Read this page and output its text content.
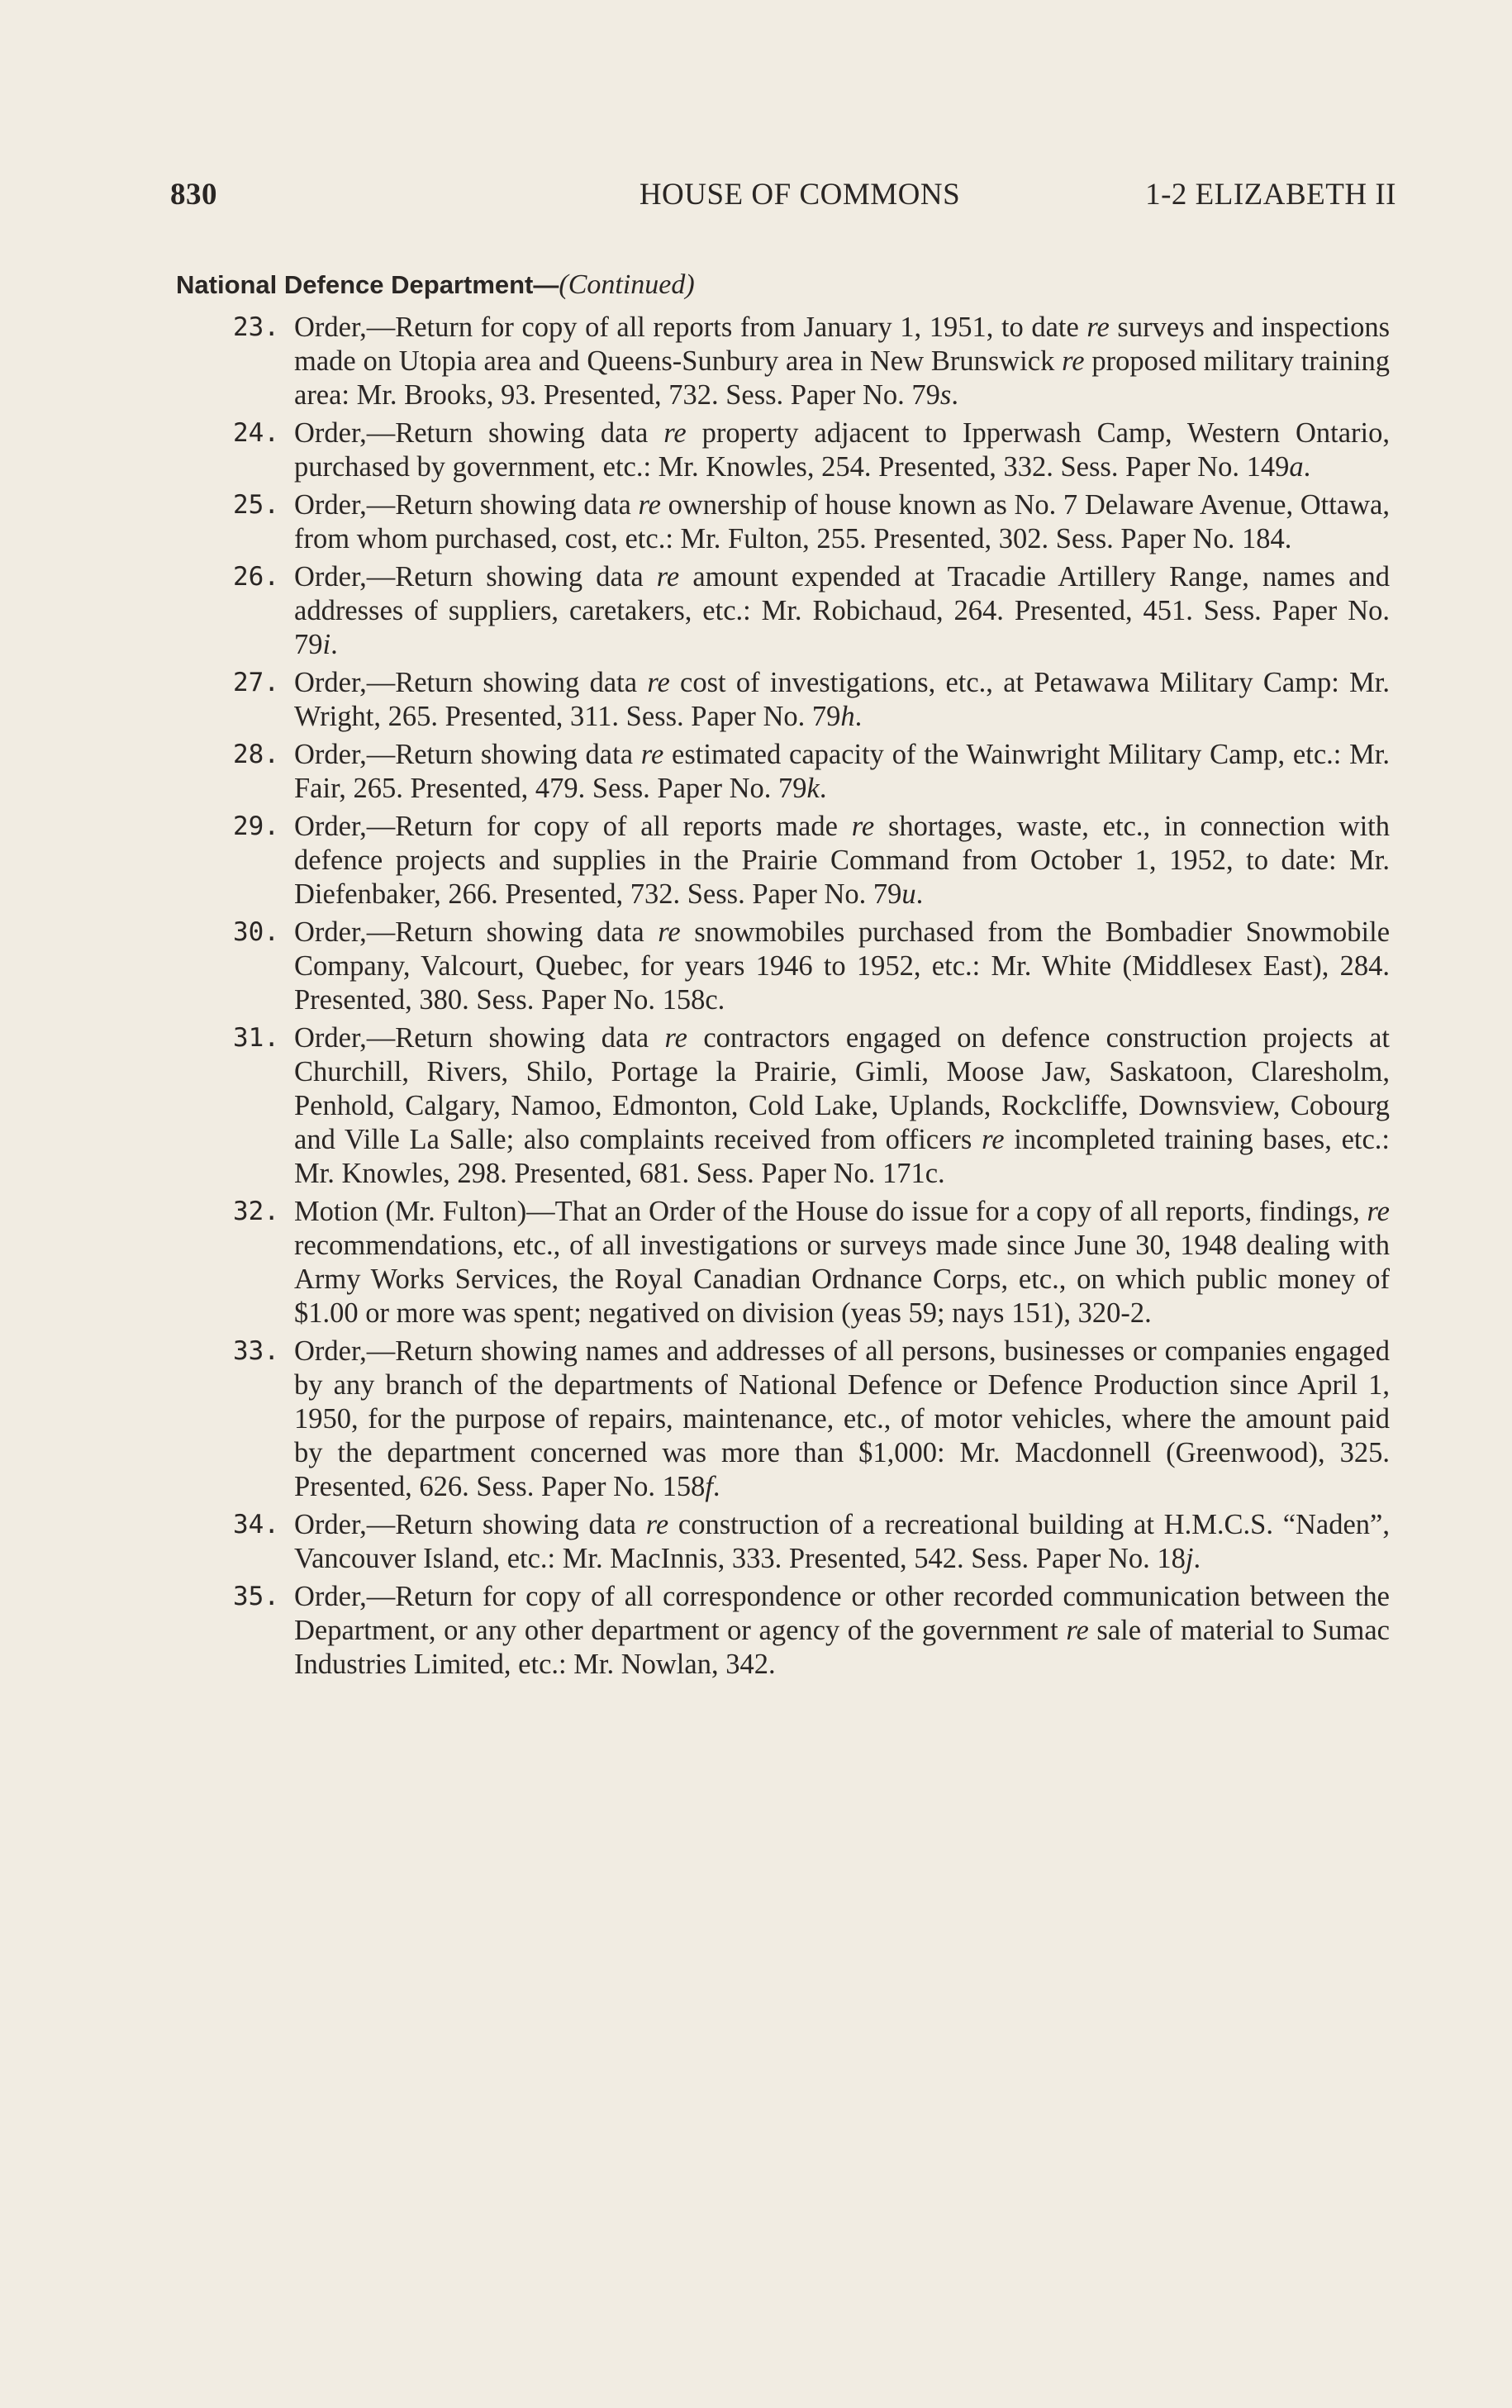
830	HOUSE OF COMMONS	1-2 ELIZABETH II
National Defence Department—(Continued)
23. Order,—Return for copy of all reports from January 1, 1951, to date re surveys and inspections made on Utopia area and Queens-Sunbury area in New Brunswick re proposed military training area: Mr. Brooks, 93. Presented, 732. Sess. Paper No. 79s.
24. Order,—Return showing data re property adjacent to Ipperwash Camp, Western Ontario, purchased by government, etc.: Mr. Knowles, 254. Presented, 332. Sess. Paper No. 149a.
25. Order,—Return showing data re ownership of house known as No. 7 Delaware Avenue, Ottawa, from whom purchased, cost, etc.: Mr. Fulton, 255. Presented, 302. Sess. Paper No. 184.
26. Order,—Return showing data re amount expended at Tracadie Artillery Range, names and addresses of suppliers, caretakers, etc.: Mr. Robichaud, 264. Presented, 451. Sess. Paper No. 79i.
27. Order,—Return showing data re cost of investigations, etc., at Petawawa Military Camp: Mr. Wright, 265. Presented, 311. Sess. Paper No. 79h.
28. Order,—Return showing data re estimated capacity of the Wainwright Military Camp, etc.: Mr. Fair, 265. Presented, 479. Sess. Paper No. 79k.
29. Order,—Return for copy of all reports made re shortages, waste, etc., in connection with defence projects and supplies in the Prairie Command from October 1, 1952, to date: Mr. Diefenbaker, 266. Presented, 732. Sess. Paper No. 79u.
30. Order,—Return showing data re snowmobiles purchased from the Bombadier Snowmobile Company, Valcourt, Quebec, for years 1946 to 1952, etc.: Mr. White (Middlesex East), 284. Presented, 380. Sess. Paper No. 158c.
31. Order,—Return showing data re contractors engaged on defence construction projects at Churchill, Rivers, Shilo, Portage la Prairie, Gimli, Moose Jaw, Saskatoon, Claresholm, Penhold, Calgary, Namoo, Edmonton, Cold Lake, Uplands, Rockcliffe, Downsview, Cobourg and Ville La Salle; also complaints received from officers re incompleted training bases, etc.: Mr. Knowles, 298. Presented, 681. Sess. Paper No. 171c.
32. Motion (Mr. Fulton)—That an Order of the House do issue for a copy of all reports, findings, re recommendations, etc., of all investigations or surveys made since June 30, 1948 dealing with Army Works Services, the Royal Canadian Ordnance Corps, etc., on which public money of $1.00 or more was spent; negatived on division (yeas 59; nays 151), 320-2.
33. Order,—Return showing names and addresses of all persons, businesses or companies engaged by any branch of the departments of National Defence or Defence Production since April 1, 1950, for the purpose of repairs, maintenance, etc., of motor vehicles, where the amount paid by the department concerned was more than $1,000: Mr. Macdonnell (Greenwood), 325. Presented, 626. Sess. Paper No. 158f.
34. Order,—Return showing data re construction of a recreational building at H.M.C.S. “Naden”, Vancouver Island, etc.: Mr. MacInnis, 333. Presented, 542. Sess. Paper No. 18j.
35. Order,—Return for copy of all correspondence or other recorded communication between the Department, or any other department or agency of the government re sale of material to Sumac Industries Limited, etc.: Mr. Nowlan, 342.
